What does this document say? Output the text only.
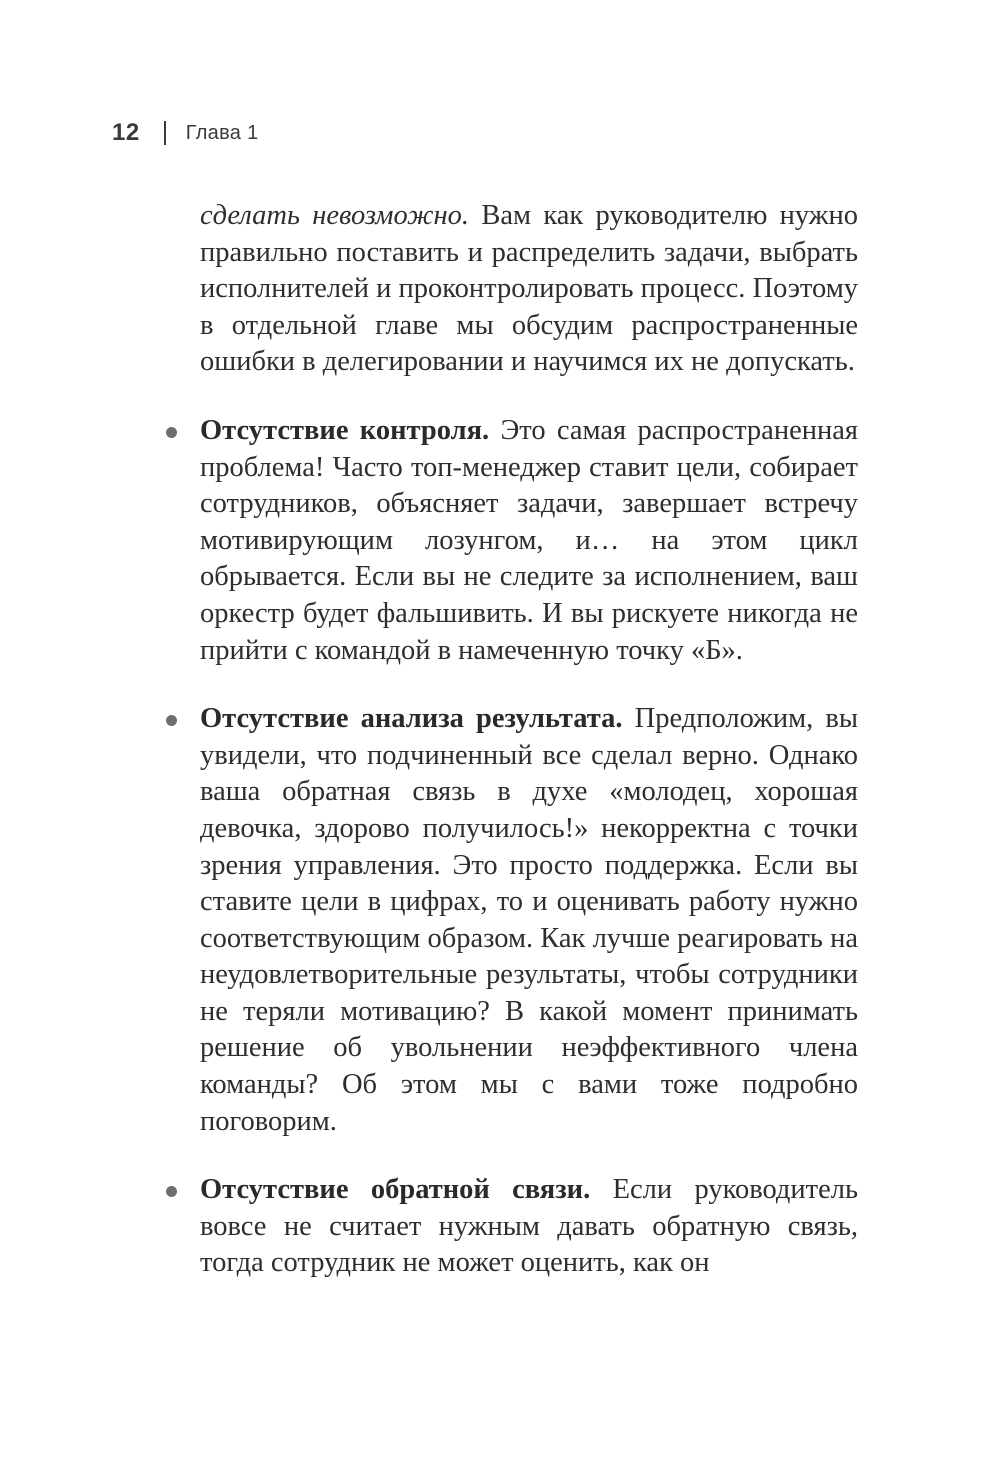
12 Глава 1

сделать невозможно. Вам как руководителю нужно правильно поставить и распределить задачи, выбрать исполнителей и проконтролировать процесс. Поэтому в отдельной главе мы обсудим распространенные ошибки в делегировании и научимся их не допускать.

Отсутствие контроля. Это самая распространенная проблема! Часто топ-менеджер ставит цели, собирает сотрудников, объясняет задачи, завершает встречу мотивирующим лозунгом, и… на этом цикл обрывается. Если вы не следите за исполнением, ваш оркестр будет фальшивить. И вы рискуете никогда не прийти с командой в намеченную точку «Б».
Отсутствие анализа результата. Предположим, вы увидели, что подчиненный все сделал верно. Однако ваша обратная связь в духе «молодец, хорошая девочка, здорово получилось!» некорректна с точки зрения управления. Это просто поддержка. Если вы ставите цели в цифрах, то и оценивать работу нужно соответствующим образом. Как лучше реагировать на неудовлетворительные результаты, чтобы сотрудники не теряли мотивацию? В какой момент принимать решение об увольнении неэффективного члена команды? Об этом мы с вами тоже подробно поговорим.
Отсутствие обратной связи. Если руководитель вовсе не считает нужным давать обратную связь, тогда сотрудник не может оценить, как он
